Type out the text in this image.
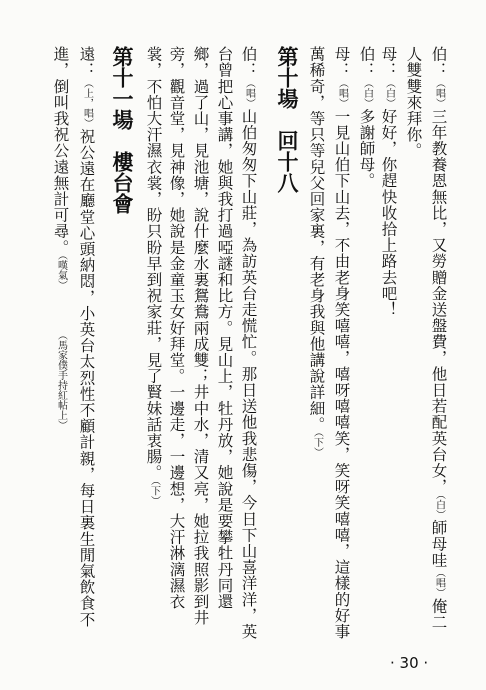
伯：（唱）三年教養恩無比，又勞贈金送盤費，他日若配英台女，（白）師母哇（唱）俺二
人雙雙來拜你。
母：（白）好好，你趕快收拾上路去吧！
伯：（白）多謝師母。
母：（唱）一見山伯下山去，不由老身笑嘻嘻，嘻呀嘻嘻笑，笑呀笑嘻嘻，這樣的好事
萬稀奇，等只等兒父回家裏，有老身我與他講說詳細。（下）
第十場　回十八
伯：（唱）山伯匆匆下山莊，為訪英台走慌忙。那日送他我悲傷，今日下山喜洋洋，英
台曾把心事講，她與我打過啞謎和比方。見山上，牡丹放，她說是要攀牡丹同還
鄉，過了山，見池塘，說什麼水裏鴛鴦兩成雙；井中水，清又亮，她拉我照影到井
旁，觀音堂，見神像，她說是金童玉女好拜堂。一邊走，一邊想，大汗淋漓濕衣
裳，不怕大汗濕衣裳，盼只盼早到祝家莊，見了賢妹話衷腸。（下）
第十一場　樓台會
遠：（上，唱）祝公遠在廳堂心頭納悶，小英台太烈性不顧計親，每日裏生閒氣飲食不
進，倒叫我祝公遠無計可尋。（嘆氣）（馬家僕手持紅帖上）
· 30 ·
